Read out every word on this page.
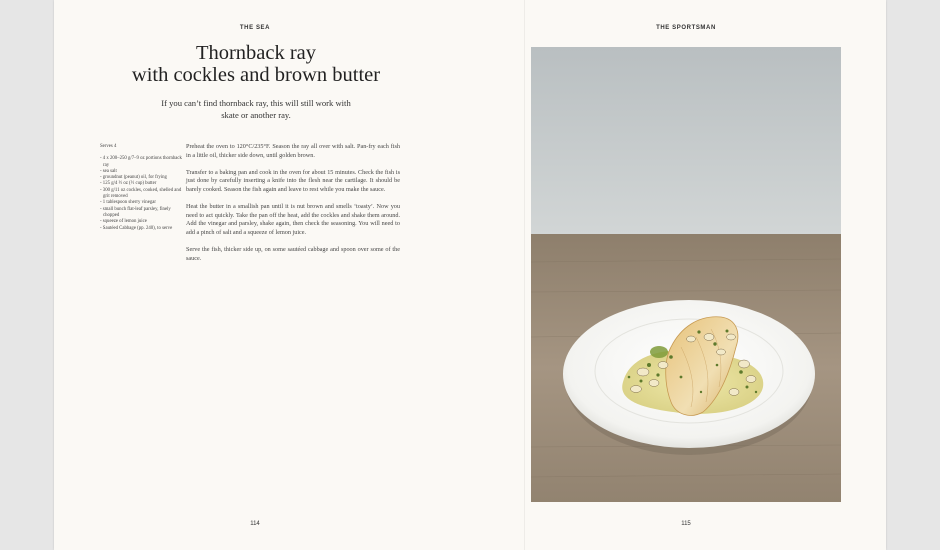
THE SEA	THE SPORTSMAN
Thornback ray
with cockles and brown butter
If you can’t find thornback ray, this will still work with skate or another ray.
Serves 4
- 4 x 200–250 g/7–9 oz portions thornback ray
- sea salt
- groundnut (peanut) oil, for frying
- 125 g/4 ½ oz (½ cup) butter
- 300 g/11 oz cockles, cooked, shelled and grit removed
- 1 tablespoon sherry vinegar
- small bunch flat-leaf parsley, finely chopped
- squeeze of lemon juice
- Sautéed Cabbage (pp. 240), to serve

Preheat the oven to 120°C/235°F. Season the ray all over with salt. Pan-fry each fish in a little oil, thicker side down, until golden brown.

Transfer to a baking pan and cook in the oven for about 15 minutes. Check the fish is just done by carefully inserting a knife into the flesh near the cartilage. It should be barely cooked. Season the fish again and leave to rest while you make the sauce.

Heat the butter in a smallish pan until it is nut brown and smells ‘toasty’. Now you need to act quickly. Take the pan off the heat, add the cockles and shake them around. Add the vinegar and parsley, shake again, then check the seasoning. You will need to add a pinch of salt and a squeeze of lemon juice.

Serve the fish, thicker side up, on some sautéed cabbage and spoon over some of the sauce.

114	115
